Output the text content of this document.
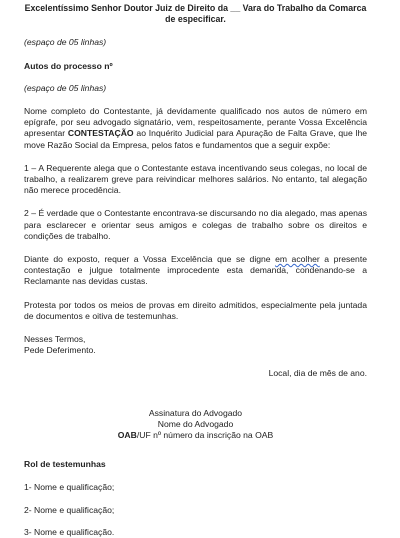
Excelentíssimo Senhor Doutor Juiz de Direito da __ Vara do Trabalho da Comarca
de especificar.

(espaço de 05 linhas)

Autos do processo nº

(espaço de 05 linhas)

Nome completo do Contestante, já devidamente qualificado nos autos de número em epígrafe, por seu advogado signatário, vem, respeitosamente, perante Vossa Excelência apresentar CONTESTAÇÃO ao Inquérito Judicial para Apuração de Falta Grave, que lhe move Razão Social da Empresa, pelos fatos e fundamentos que a seguir expõe:

1 – A Requerente alega que o Contestante estava incentivando seus colegas, no local de trabalho, a realizarem greve para reivindicar melhores salários. No entanto, tal alegação não merece procedência.

2 – É verdade que o Contestante encontrava-se discursando no dia alegado, mas apenas para esclarecer e orientar seus amigos e colegas de trabalho sobre os direitos e condições de trabalho.

Diante do exposto, requer a Vossa Excelência que se digne em acolher a presente contestação e julgue totalmente improcedente esta demanda, condenando-se a Reclamante nas devidas custas.

Protesta por todos os meios de provas em direito admitidos, especialmente pela juntada de documentos e oitiva de testemunhas.

Nesses Termos,

Pede Deferimento.

Local, dia de mês de ano.

Assinatura do Advogado

Nome do Advogado

OAB/UF nº número da inscrição na OAB

Rol de testemunhas

1- Nome e qualificação;

2- Nome e qualificação;

3- Nome e qualificação.
